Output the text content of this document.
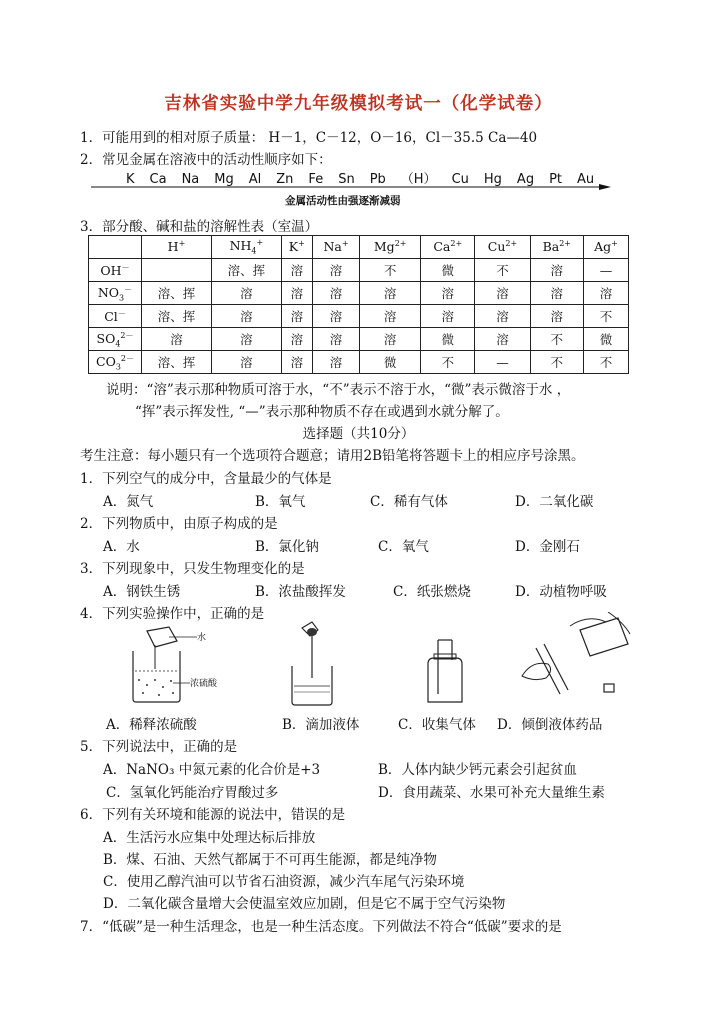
吉林省实验中学九年级模拟考试一（化学试卷）
1．可能用到的相对原子质量： H－1，C－12，O－16，Cl－35.5 Ca—40
2．常见金属在溶液中的活动性顺序如下：
K Ca Na Mg Al Zn Fe Sn Pb （H） Cu Hg Ag Pt Au
金属活动性由强逐渐减弱
3．部分酸、碱和盐的溶解性表（室温）
	H+	$NH_4^+$	K+	Na+	$Mg^{2+}$	$Ca^{2+}$	$Cu^{2+}$	$Ba^{2+}$	Ag+
OH－		溶、挥	溶	溶	不	微	不	溶	—
$NO_3^-$	溶、挥	溶	溶	溶	溶	溶	溶	溶	溶
Cl－	溶、挥	溶	溶	溶	溶	溶	溶	溶	不
$SO_4^{2-}$	溶	溶	溶	溶	溶	微	溶	不	微
$CO_3^{2-}$	溶、挥	溶	溶	溶	微	不	—	不	不
说明：“溶”表示那种物质可溶于水，“不”表示不溶于水，“微”表示微溶于水 ，
“挥”表示挥发性, “—”表示那种物质不存在或遇到水就分解了。
选择题（共10分）
考生注意：每小题只有一个选项符合题意；请用2B铅笔将答题卡上的相应序号涂黑。
1．下列空气的成分中，含量最少的气体是
A．氮气	B．氧气	C．稀有气体	D．二氧化碳
2．下列物质中，由原子构成的是
A．水	B．氯化钠	C．氧气	D．金刚石
3．下列现象中，只发生物理变化的是
A．钢铁生锈	B．浓盐酸挥发	C．纸张燃烧	D．动植物呼吸
4．下列实验操作中，正确的是
水
浓硫酸
A．稀释浓硫酸	B．滴加液体	C．收集气体 D．倾倒液体药品
5．下列说法中，正确的是
A．NaNO₃ 中氮元素的化合价是+3	B．人体内缺少钙元素会引起贫血
C．氢氧化钙能治疗胃酸过多	D．食用蔬菜、水果可补充大量维生素
6．下列有关环境和能源的说法中，错误的是
A．生活污水应集中处理达标后排放
B．煤、石油、天然气都属于不可再生能源，都是纯净物
C．使用乙醇汽油可以节省石油资源，减少汽车尾气污染环境
D．二氧化碳含量增大会使温室效应加剧，但是它不属于空气污染物
7．“低碳”是一种生活理念，也是一种生活态度。下列做法不符合“低碳”要求的是
